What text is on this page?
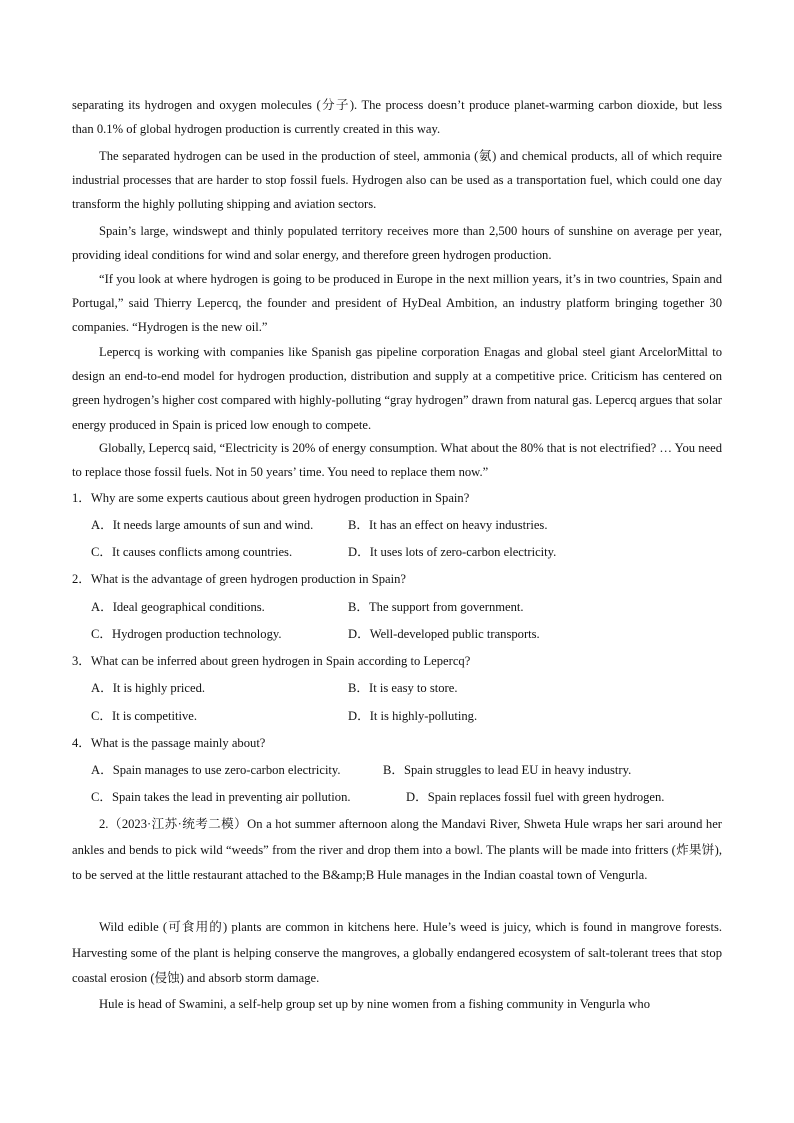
separating its hydrogen and oxygen molecules (分子). The process doesn’t produce planet-warming carbon dioxide, but less than 0.1% of global hydrogen production is currently created in this way.

The separated hydrogen can be used in the production of steel, ammonia (氨) and chemical products, all of which require industrial processes that are harder to stop fossil fuels. Hydrogen also can be used as a transportation fuel, which could one day transform the highly polluting shipping and aviation sectors.

Spain’s large, windswept and thinly populated territory receives more than 2,500 hours of sunshine on average per year, providing ideal conditions for wind and solar energy, and therefore green hydrogen production.

“If you look at where hydrogen is going to be produced in Europe in the next million years, it’s in two countries, Spain and Portugal,” said Thierry Lepercq, the founder and president of HyDeal Ambition, an industry platform bringing together 30 companies. “Hydrogen is the new oil.”

Lepercq is working with companies like Spanish gas pipeline corporation Enagas and global steel giant ArcelorMittal to design an end-to-end model for hydrogen production, distribution and supply at a competitive price. Criticism has centered on green hydrogen’s higher cost compared with highly-polluting “gray hydrogen” drawn from natural gas. Lepercq argues that solar energy produced in Spain is priced low enough to compete.

Globally, Lepercq said, “Electricity is 20% of energy consumption. What about the 80% that is not electrified? … You need to replace those fossil fuels. Not in 50 years’ time. You need to replace them now.”

1．Why are some experts cautious about green hydrogen production in Spain?

A．It needs large amounts of sun and wind.	B．It has an effect on heavy industries.

C．It causes conflicts among countries.	D．It uses lots of zero-carbon electricity.

2．What is the advantage of green hydrogen production in Spain?

A．Ideal geographical conditions.	B．The support from government.

C．Hydrogen production technology.	D．Well-developed public transports.

3．What can be inferred about green hydrogen in Spain according to Lepercq?

A．It is highly priced.	B．It is easy to store.

C．It is competitive.	D．It is highly-polluting.

4．What is the passage mainly about?

A．Spain manages to use zero-carbon electricity.	B．Spain struggles to lead EU in heavy industry.

C．Spain takes the lead in preventing air pollution.	D．Spain replaces fossil fuel with green hydrogen.

2.（2023·江苏·统考二模）On a hot summer afternoon along the Mandavi River, Shweta Hule wraps her sari around her ankles and bends to pick wild “weeds” from the river and drop them into a bowl. The plants will be made into fritters (炸果饼), to be served at the little restaurant attached to the B&amp;B Hule manages in the Indian coastal town of Vengurla.

Wild edible (可食用的) plants are common in kitchens here. Hule’s weed is juicy, which is found in mangrove forests. Harvesting some of the plant is helping conserve the mangroves, a globally endangered ecosystem of salt-tolerant trees that stop coastal erosion (侵蚀) and absorb storm damage.

Hule is head of Swamini, a self-help group set up by nine women from a fishing community in Vengurla who
